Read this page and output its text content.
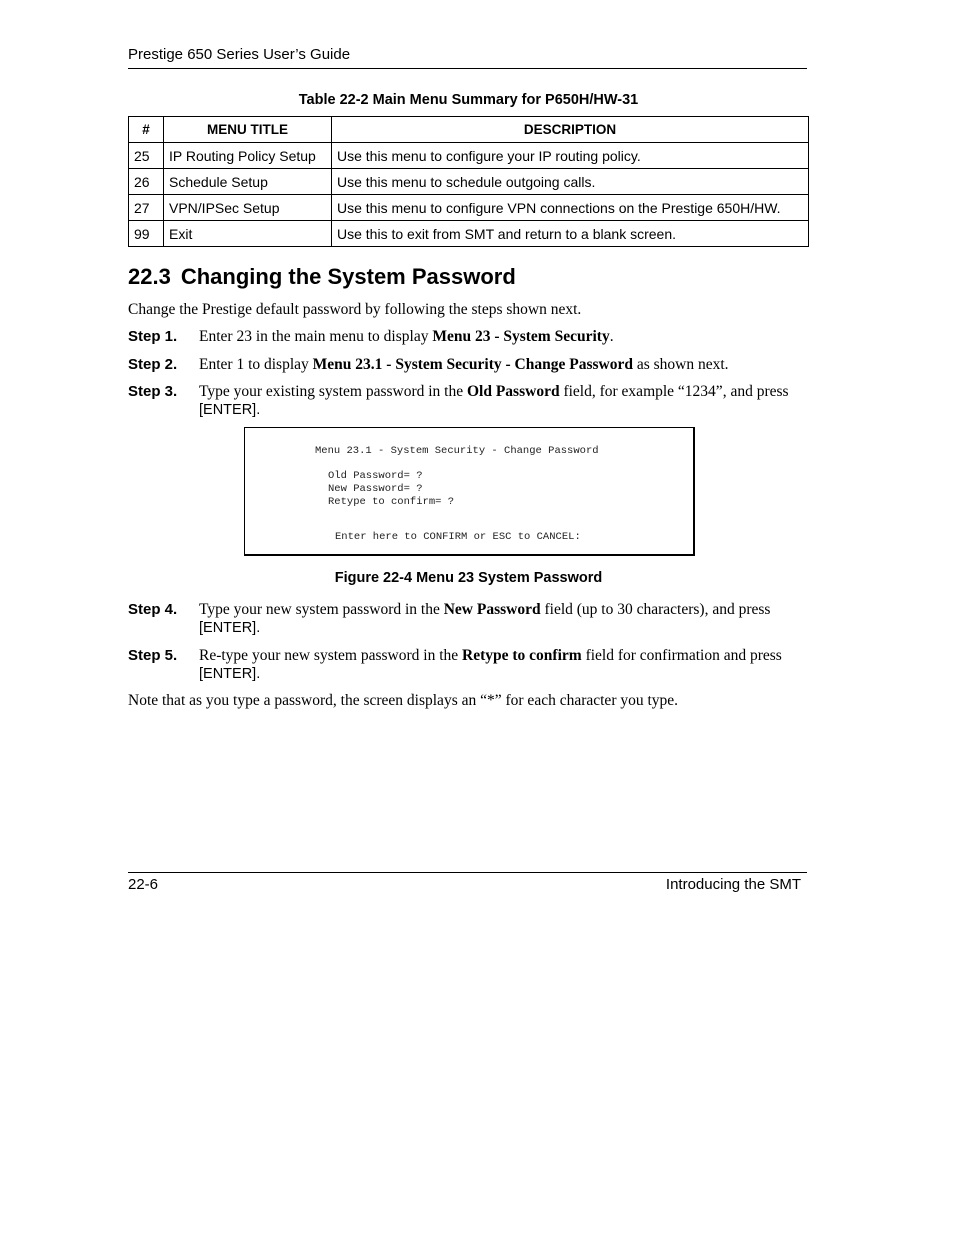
Prestige 650 Series User’s Guide
Table 22-2 Main Menu Summary for P650H/HW-31
#	MENU TITLE	DESCRIPTION
25	IP Routing Policy Setup	Use this menu to configure your IP routing policy.
26	Schedule Setup	Use this menu to schedule outgoing calls.
27	VPN/IPSec Setup	Use this menu to configure VPN connections on the Prestige 650H/HW.
99	Exit	Use this to exit from SMT and return to a blank screen.
22.3 Changing the System Password
Change the Prestige default password by following the steps shown next.
Step 1. Enter 23 in the main menu to display Menu 23 - System Security.
Step 2. Enter 1 to display Menu 23.1 - System Security - Change Password as shown next.
Step 3. Type your existing system password in the Old Password field, for example “1234”, and press
[ENTER].
Menu 23.1 - System Security - Change Password
Old Password= ?
New Password= ?
Retype to confirm= ?
Enter here to CONFIRM or ESC to CANCEL:
Figure 22-4 Menu 23 System Password
Step 4. Type your new system password in the New Password field (up to 30 characters), and press
[ENTER].
Step 5. Re-type your new system password in the Retype to confirm field for confirmation and press
[ENTER].
Note that as you type a password, the screen displays an “*” for each character you type.
22-6	Introducing the SMT
